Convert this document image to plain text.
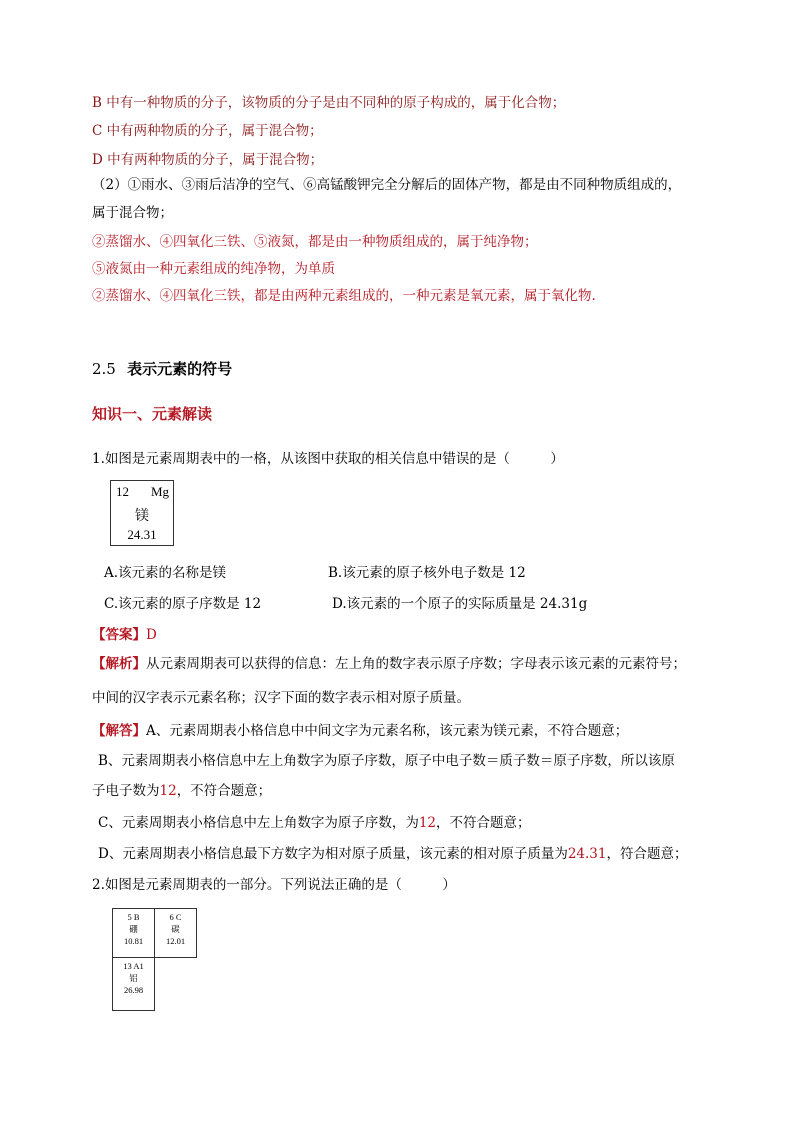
B 中有一种物质的分子，该物质的分子是由不同种的原子构成的，属于化合物；
C 中有两种物质的分子，属于混合物；
D 中有两种物质的分子，属于混合物；
（2）①雨水、③雨后洁净的空气、⑥高锰酸钾完全分解后的固体产物，都是由不同种物质组成的，
属于混合物；
②蒸馏水、④四氧化三铁、⑤液氮，都是由一种物质组成的，属于纯净物；
⑤液氮由一种元素组成的纯净物，为单质
②蒸馏水、④四氧化三铁，都是由两种元素组成的，一种元素是氧元素，属于氧化物.
2.5 表示元素的符号
知识一、元素解读
1.如图是元素周期表中的一格，从该图中获取的相关信息中错误的是（　　　）
12 Mg
镁
24.31
A.该元素的名称是镁	B.该元素的原子核外电子数是 12
C.该元素的原子序数是 12	D.该元素的一个原子的实际质量是 24.31g
【答案】D
【解析】从元素周期表可以获得的信息：左上角的数字表示原子序数；字母表示该元素的元素符号；
中间的汉字表示元素名称；汉字下面的数字表示相对原子质量。
【解答】A、元素周期表小格信息中中间文字为元素名称，该元素为镁元素，不符合题意；
B、元素周期表小格信息中左上角数字为原子序数，原子中电子数＝质子数＝原子序数，所以该原
子电子数为12，不符合题意；
C、元素周期表小格信息中左上角数字为原子序数，为12，不符合题意；
D、元素周期表小格信息最下方数字为相对原子质量，该元素的相对原子质量为24.31，符合题意；
2.如图是元素周期表的一部分。下列说法正确的是（　　　）
5 B
硼
10.81
6 C
碳
12.01
13 A1
铝
26.98
